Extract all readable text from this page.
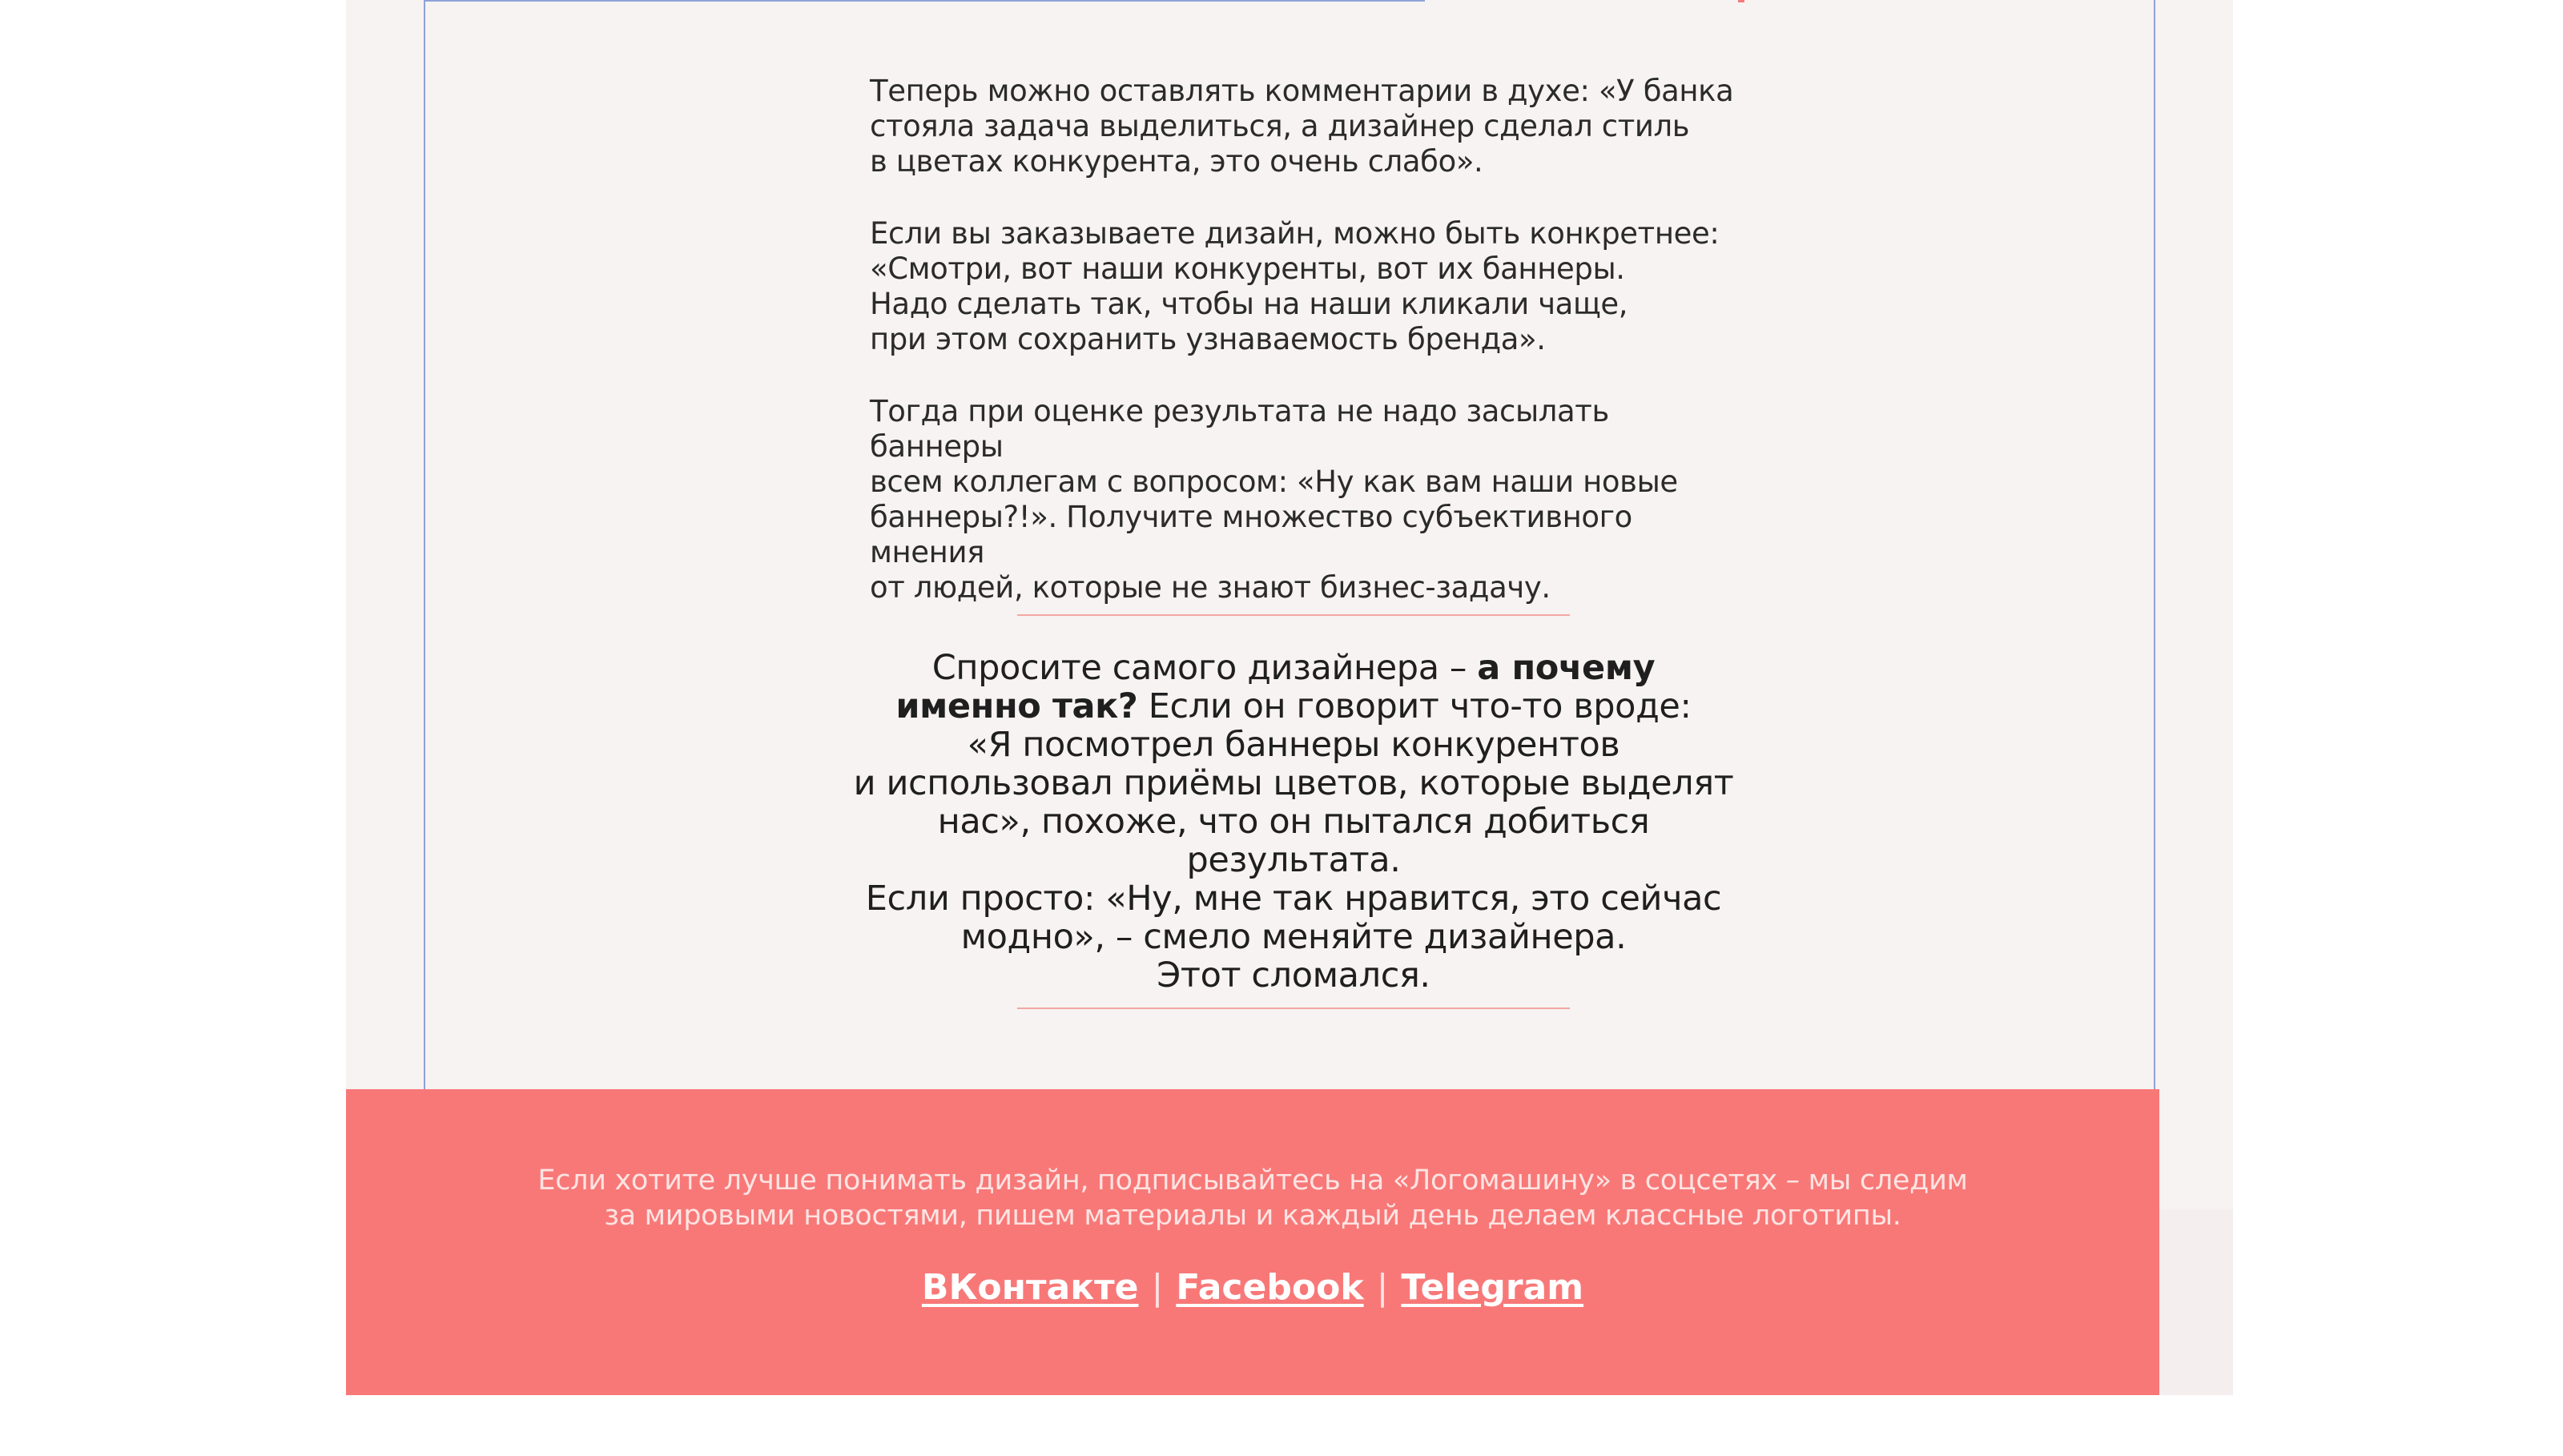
Теперь можно оставлять комментарии в духе: «У банка
стояла задача выделиться, а дизайнер сделал стиль
в цветах конкурента, это очень слабо».
Если вы заказываете дизайн, можно быть конкретнее:
«Смотри, вот наши конкуренты, вот их баннеры.
Надо сделать так, чтобы на наши кликали чаще,
при этом сохранить узнаваемость бренда».
Тогда при оценке результата не надо засылать баннеры
всем коллегам с вопросом: «Ну как вам наши новые
баннеры?!». Получите множество субъективного мнения
от людей, которые не знают бизнес-задачу.
Спросите самого дизайнера – а почему
именно так? Если он говорит что-то вроде:
«Я посмотрел баннеры конкурентов
и использовал приёмы цветов, которые выделят
нас», похоже, что он пытался добиться результата.
Если просто: «Ну, мне так нравится, это сейчас
модно», – смело меняйте дизайнера.
Этот сломался.
Если хотите лучше понимать дизайн, подписывайтесь на «Логомашину» в соцсетях – мы следим
за мировыми новостями, пишем материалы и каждый день делаем классные логотипы.
ВКонтакте | Facebook | Telegram
